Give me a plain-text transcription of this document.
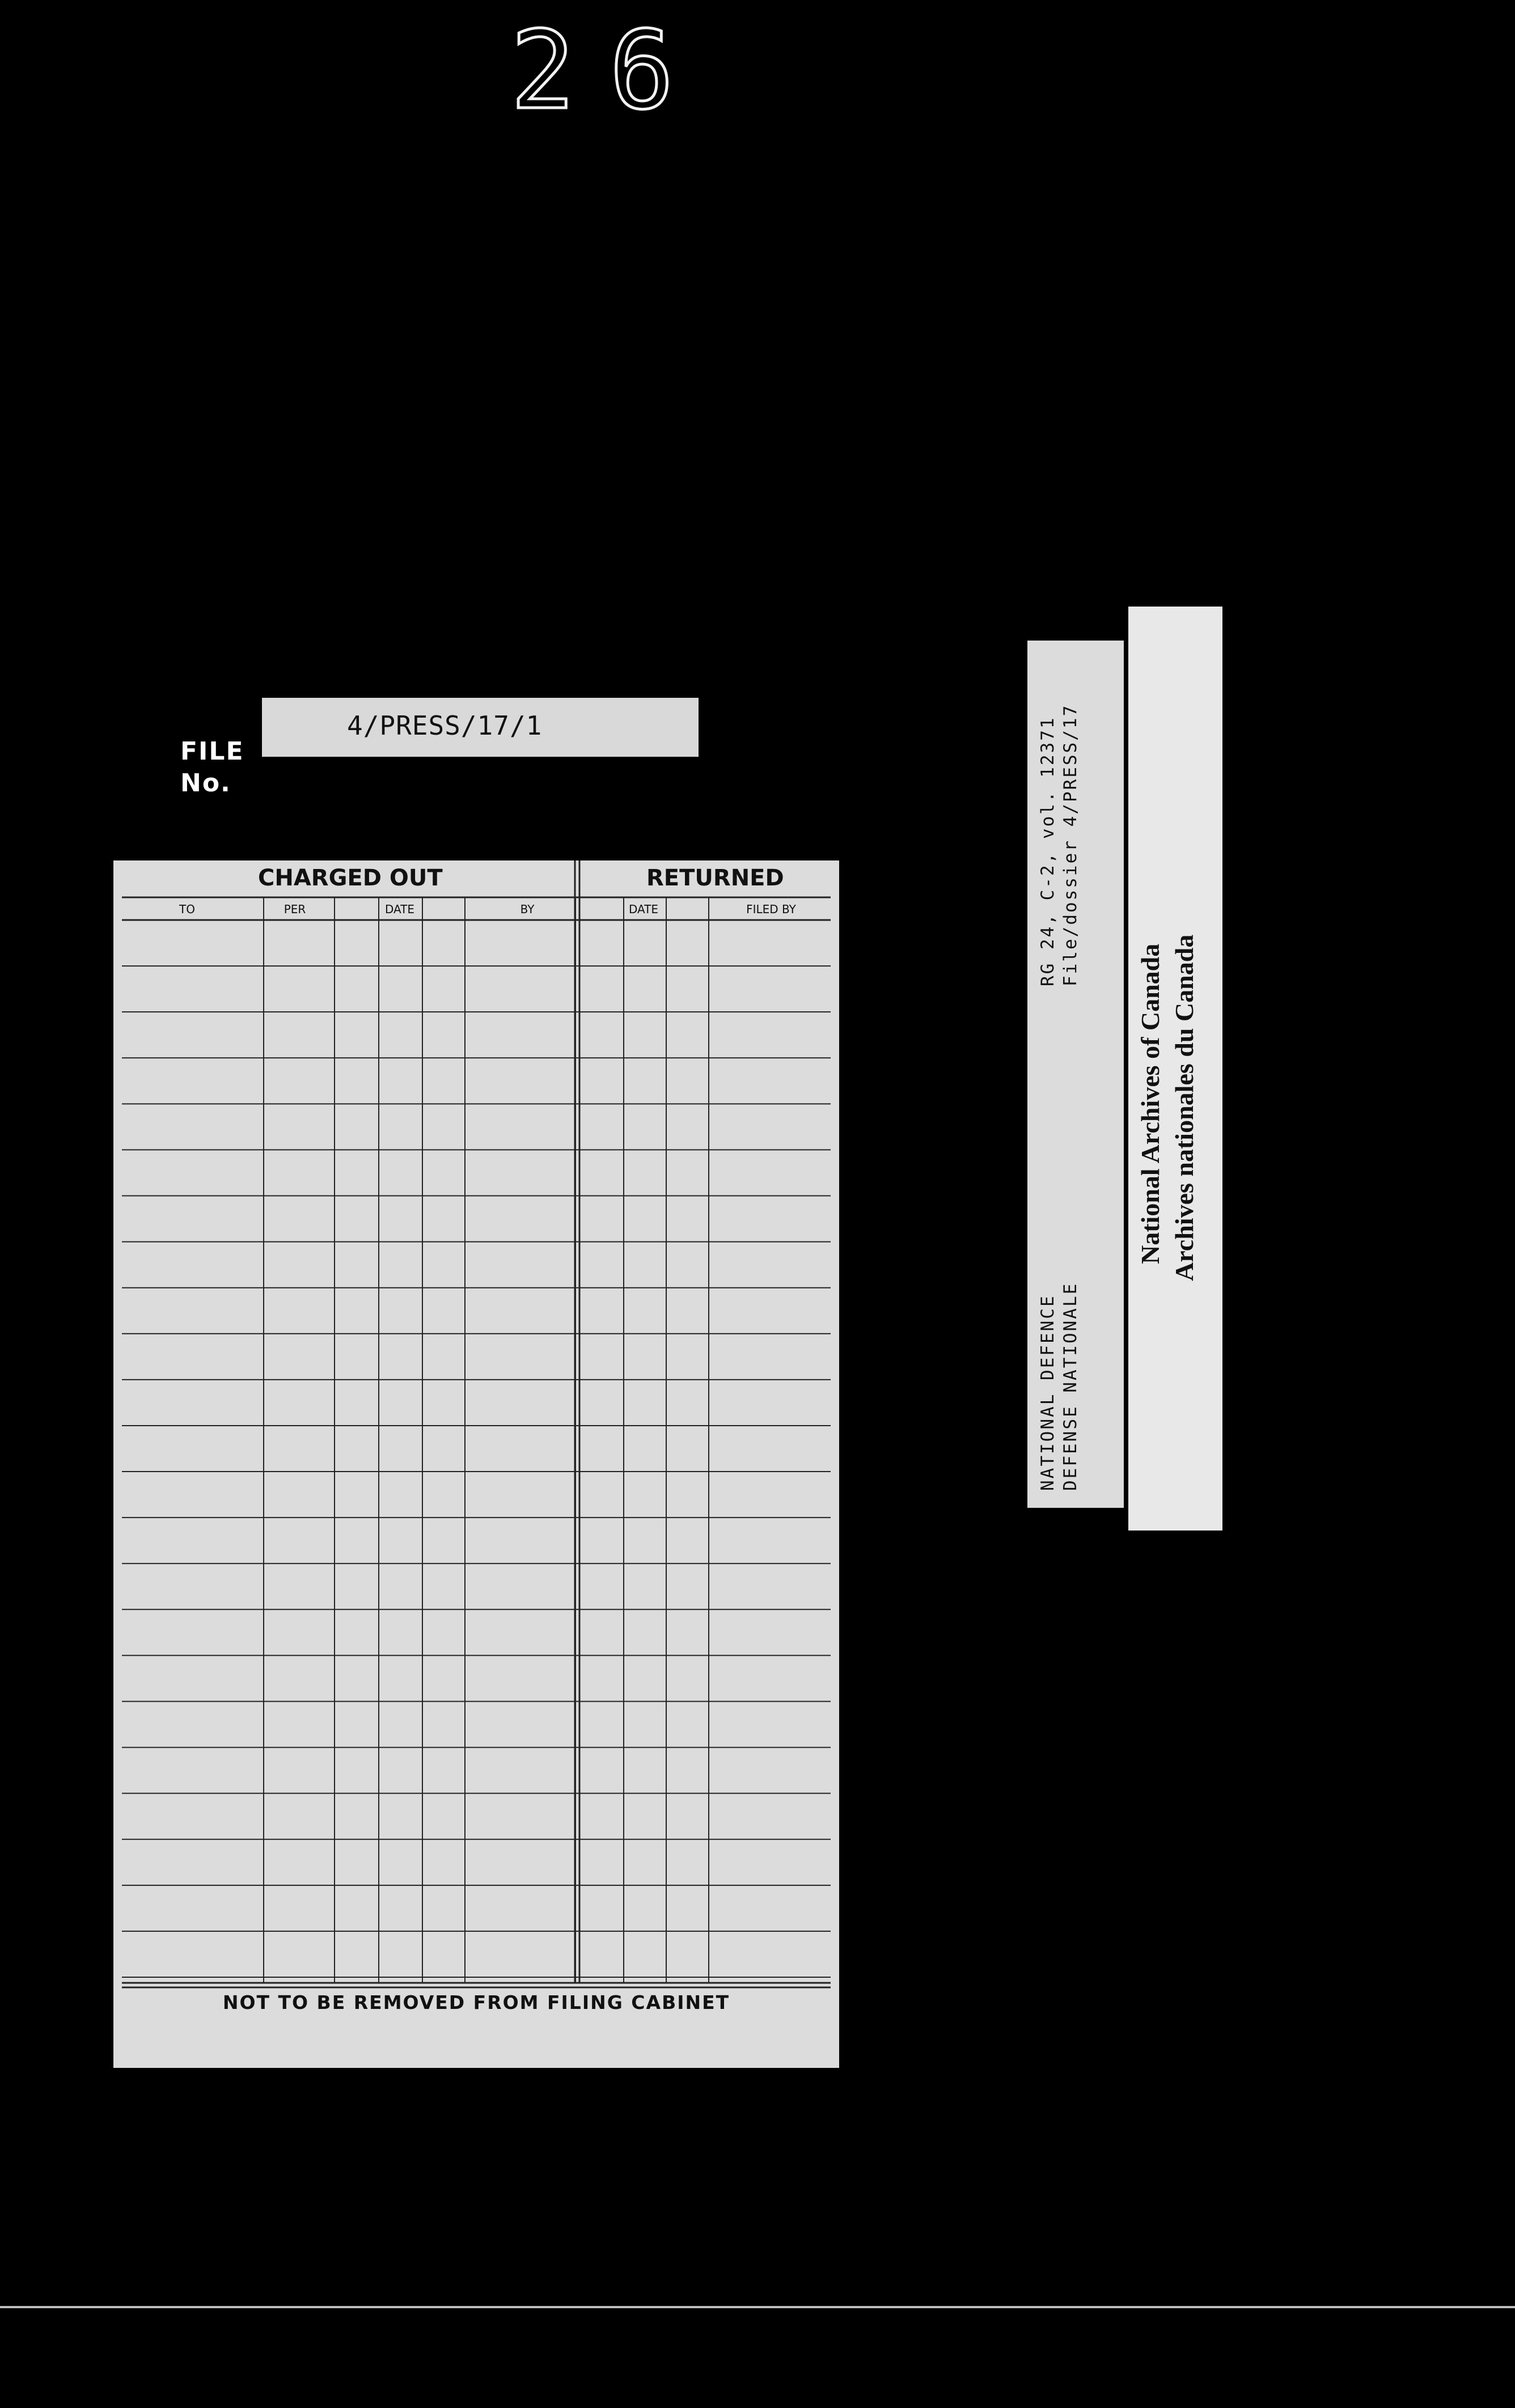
26
FILE
No.
4/PRESS/17/1
CHARGED OUT	RETURNED
TO	PER	DATE	BY	DATE	FILED BY
NOT TO BE REMOVED FROM FILING CABINET
RG 24, C-2, vol. 12371 File/dossier 4/PRESS/17
NATIONAL DEFENCE DEFENSE NATIONALE
National Archives of Canada Archives nationales du Canada
